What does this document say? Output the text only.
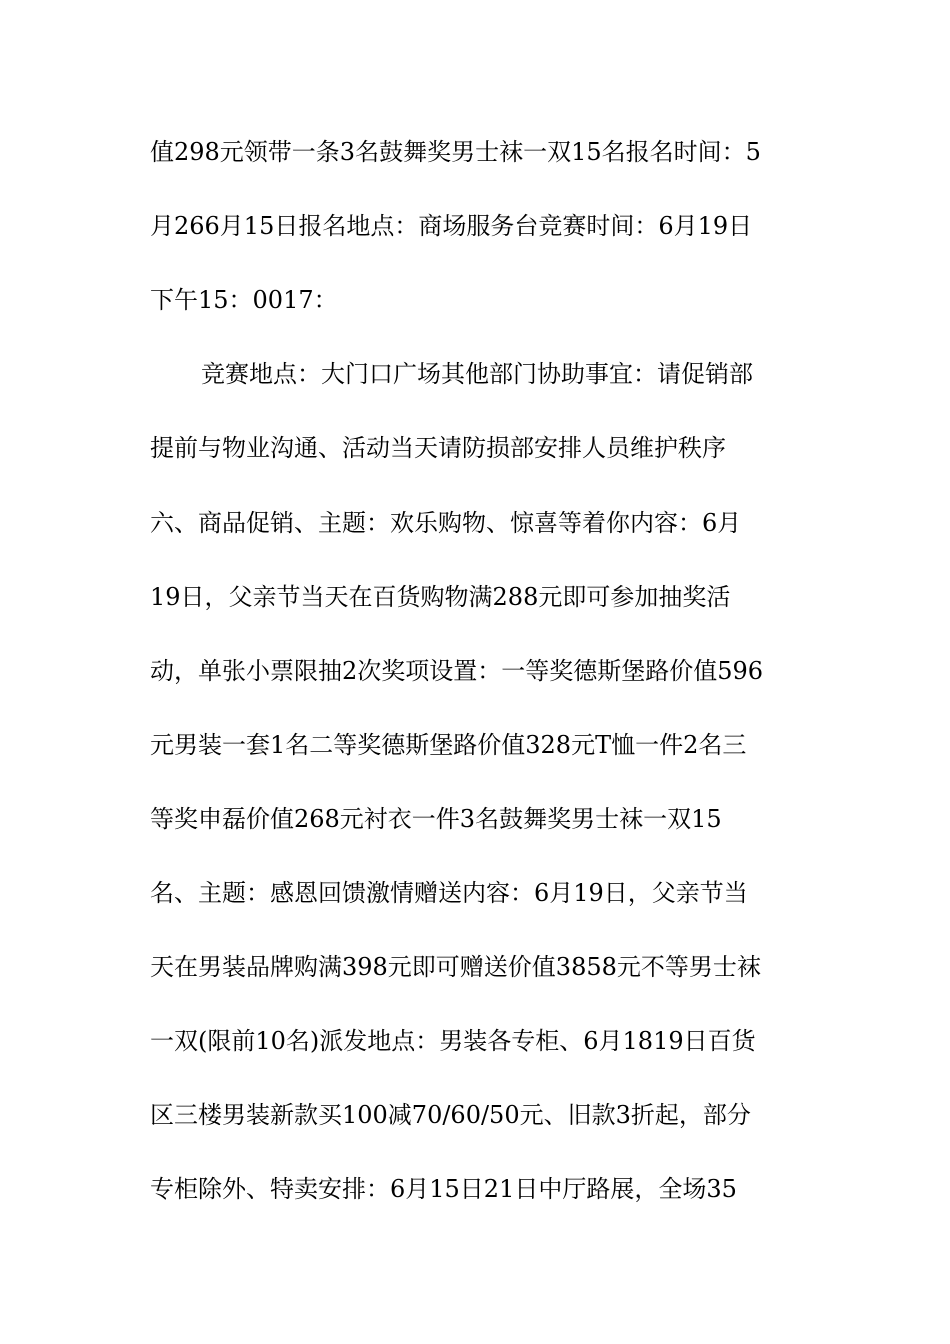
值298元领带一条3名鼓舞奖男士袜一双15名报名时间：5
月266月15日报名地点：商场服务台竞赛时间：6月19日
下午15：0017：
竞赛地点：大门口广场其他部门协助事宜：请促销部
提前与物业沟通、活动当天请防损部安排人员维护秩序
六、商品促销、主题：欢乐购物、惊喜等着你内容：6月
19日，父亲节当天在百货购物满288元即可参加抽奖活
动，单张小票限抽2次奖项设置：一等奖德斯堡路价值596
元男装一套1名二等奖德斯堡路价值328元T恤一件2名三
等奖申磊价值268元衬衣一件3名鼓舞奖男士袜一双15
名、主题：感恩回馈激情赠送内容：6月19日，父亲节当
天在男装品牌购满398元即可赠送价值3858元不等男士袜
一双(限前10名)派发地点：男装各专柜、6月1819日百货
区三楼男装新款买100减70/60/50元、旧款3折起，部分
专柜除外、特卖安排：6月15日21日中厅路展，全场35
